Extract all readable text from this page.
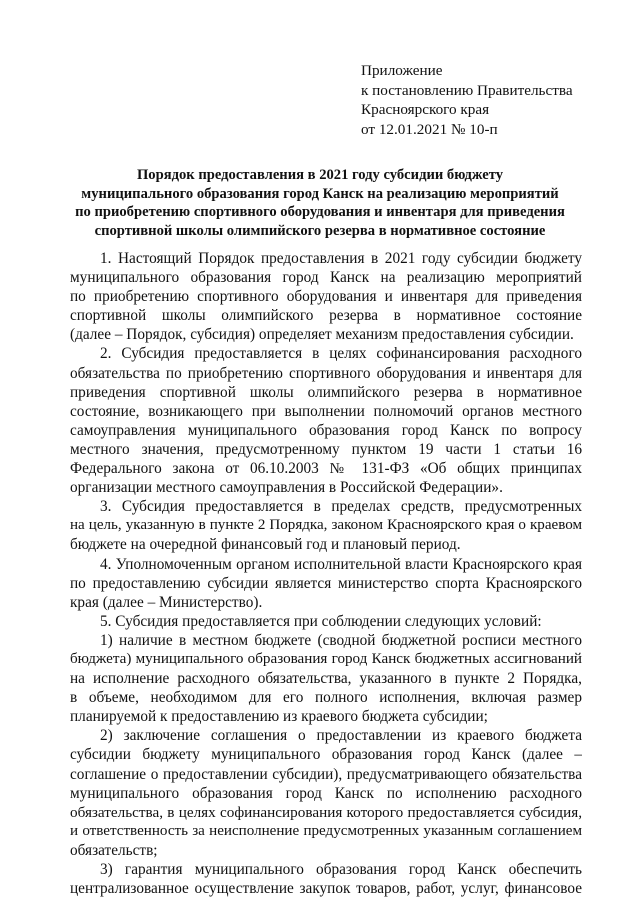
Приложение
к постановлению Правительства
Красноярского края
от 12.01.2021 № 10-п
Порядок предоставления в 2021 году субсидии бюджету
муниципального образования город Канск на реализацию мероприятий
по приобретению спортивного оборудования и инвентаря для приведения
спортивной школы олимпийского резерва в нормативное состояние

1. Настоящий Порядок предоставления в 2021 году субсидии бюджету
муниципального образования город Канск на реализацию мероприятий
по приобретению спортивного оборудования и инвентаря для приведения
спортивной школы олимпийского резерва в нормативное состояние
(далее – Порядок, субсидия) определяет механизм предоставления субсидии.

2. Субсидия предоставляется в целях софинансирования расходного
обязательства по приобретению спортивного оборудования и инвентаря для
приведения спортивной школы олимпийского резерва в нормативное
состояние, возникающего при выполнении полномочий органов местного
самоуправления муниципального образования город Канск по вопросу
местного значения, предусмотренному пунктом 19 части 1 статьи 16
Федерального закона от 06.10.2003 № 131-ФЗ «Об общих принципах
организации местного самоуправления в Российской Федерации».

3. Субсидия предоставляется в пределах средств, предусмотренных
на цель, указанную в пункте 2 Порядка, законом Красноярского края о краевом
бюджете на очередной финансовый год и плановый период.

4. Уполномоченным органом исполнительной власти Красноярского края
по предоставлению субсидии является министерство спорта Красноярского
края (далее – Министерство).

5. Субсидия предоставляется при соблюдении следующих условий:

1) наличие в местном бюджете (сводной бюджетной росписи местного
бюджета) муниципального образования город Канск бюджетных ассигнований
на исполнение расходного обязательства, указанного в пункте 2 Порядка,
в объеме, необходимом для его полного исполнения, включая размер
планируемой к предоставлению из краевого бюджета субсидии;

2) заключение соглашения о предоставлении из краевого бюджета
субсидии бюджету муниципального образования город Канск (далее –
соглашение о предоставлении субсидии), предусматривающего обязательства
муниципального образования город Канск по исполнению расходного
обязательства, в целях софинансирования которого предоставляется субсидия,
и ответственность за неисполнение предусмотренных указанным соглашением
обязательств;

3) гарантия муниципального образования город Канск обеспечить
централизованное осуществление закупок товаров, работ, услуг, финансовое
